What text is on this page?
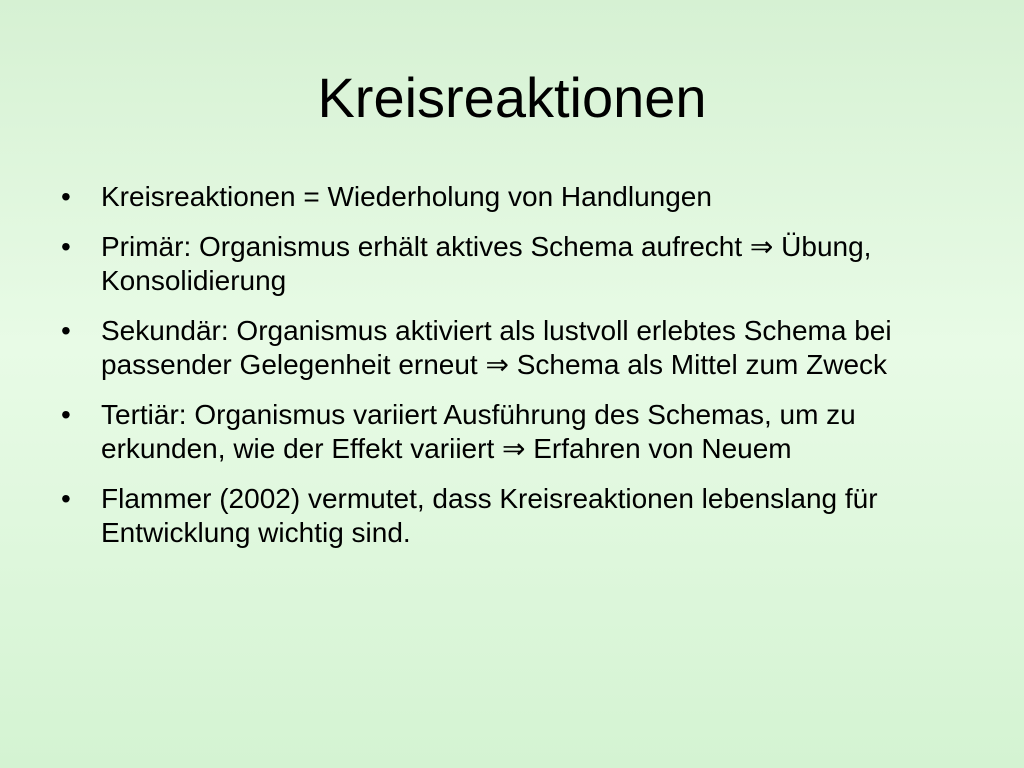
Kreisreaktionen
•	Kreisreaktionen = Wiederholung von Handlungen
•	Primär: Organismus erhält aktives Schema aufrecht ⇒ Übung, Konsolidierung
•	Sekundär: Organismus aktiviert als lustvoll erlebtes Schema bei passender Gelegenheit erneut ⇒ Schema als Mittel zum Zweck
•	Tertiär: Organismus variiert Ausführung des Schemas, um zu erkunden, wie der Effekt variiert ⇒ Erfahren von Neuem
•	Flammer (2002) vermutet, dass Kreisreaktionen lebenslang für Entwicklung wichtig sind.
